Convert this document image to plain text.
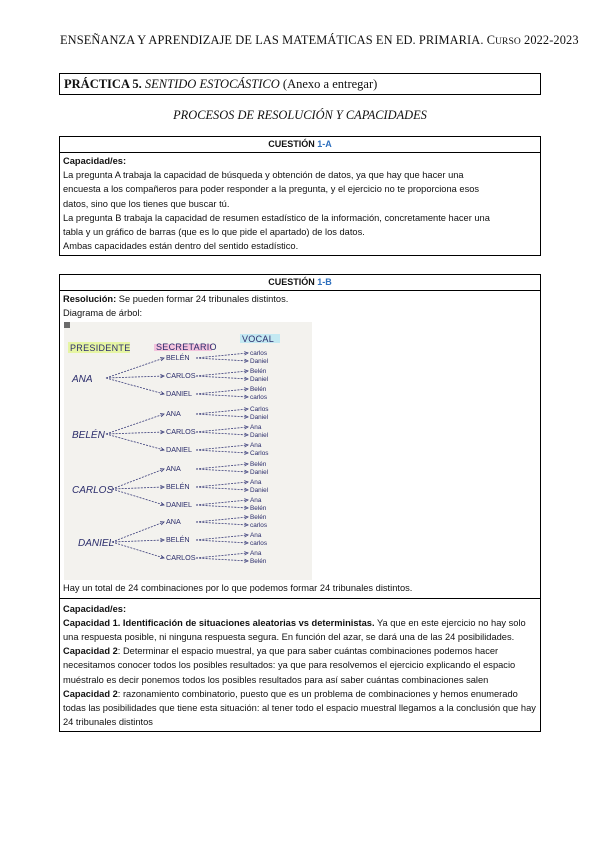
ENSEÑANZA Y APRENDIZAJE DE LAS MATEMÁTICAS EN ED. PRIMARIA. CURSO 2022-2023
PRÁCTICA 5. SENTIDO ESTOCÁSTICO (Anexo a entregar)
PROCESOS DE RESOLUCIÓN Y CAPACIDADES
CUESTIÓN 1-A

Capacidad/es:

La pregunta A trabaja la capacidad de búsqueda y obtención de datos, ya que hay que hacer una

encuesta a los compañeros para poder responder a la pregunta, y el ejercicio no te proporciona esos

datos, sino que los tienes que buscar tú.

La pregunta B trabaja la capacidad de resumen estadístico de la información, concretamente hacer una

tabla y un gráfico de barras (que es lo que pide el apartado) de los datos.

Ambas capacidades están dentro del sentido estadístico.

CUESTIÓN 1-B

Resolución: Se pueden formar 24 tribunales distintos.

Diagrama de árbol:

PRESIDENTE	SECRETARIO
VOCAL
ANA
BELÉN	carlos
Daniel
CARLOS	Belén
Daniel
DANIEL	Belén
carlos
BELÉN
ANA	Carlos
Daniel
CARLOS	Ana
Daniel
DANIEL	Ana
Carlos
CARLOS
ANA	Belén
Daniel
BELÉN	Ana
Daniel
DANIEL	Ana
Belén
DANIEL
ANA	Belén
carlos
BELÉN	Ana
carlos
CARLOS	Ana
Belén

Hay un total de 24 combinaciones por lo que podemos formar 24 tribunales distintos.

Capacidad/es:

Capacidad 1. Identificación de situaciones aleatorias vs deterministas. Ya que en este ejercicio no hay solo una respuesta posible, ni ninguna respuesta segura. En función del azar, se dará una de las 24 posibilidades.

Capacidad 2: Determinar el espacio muestral, ya que para saber cuántas combinaciones podemos hacer necesitamos conocer todos los posibles resultados: ya que para resolvemos el ejercicio explicando el espacio muéstralo es decir ponemos todos los posibles resultados para así saber cuántas combinaciones salen

Capacidad 2: razonamiento combinatorio, puesto que es un problema de combinaciones y hemos enumerado todas las posibilidades que tiene esta situación: al tener todo el espacio muestral llegamos a la conclusión que hay 24 tribunales distintos
